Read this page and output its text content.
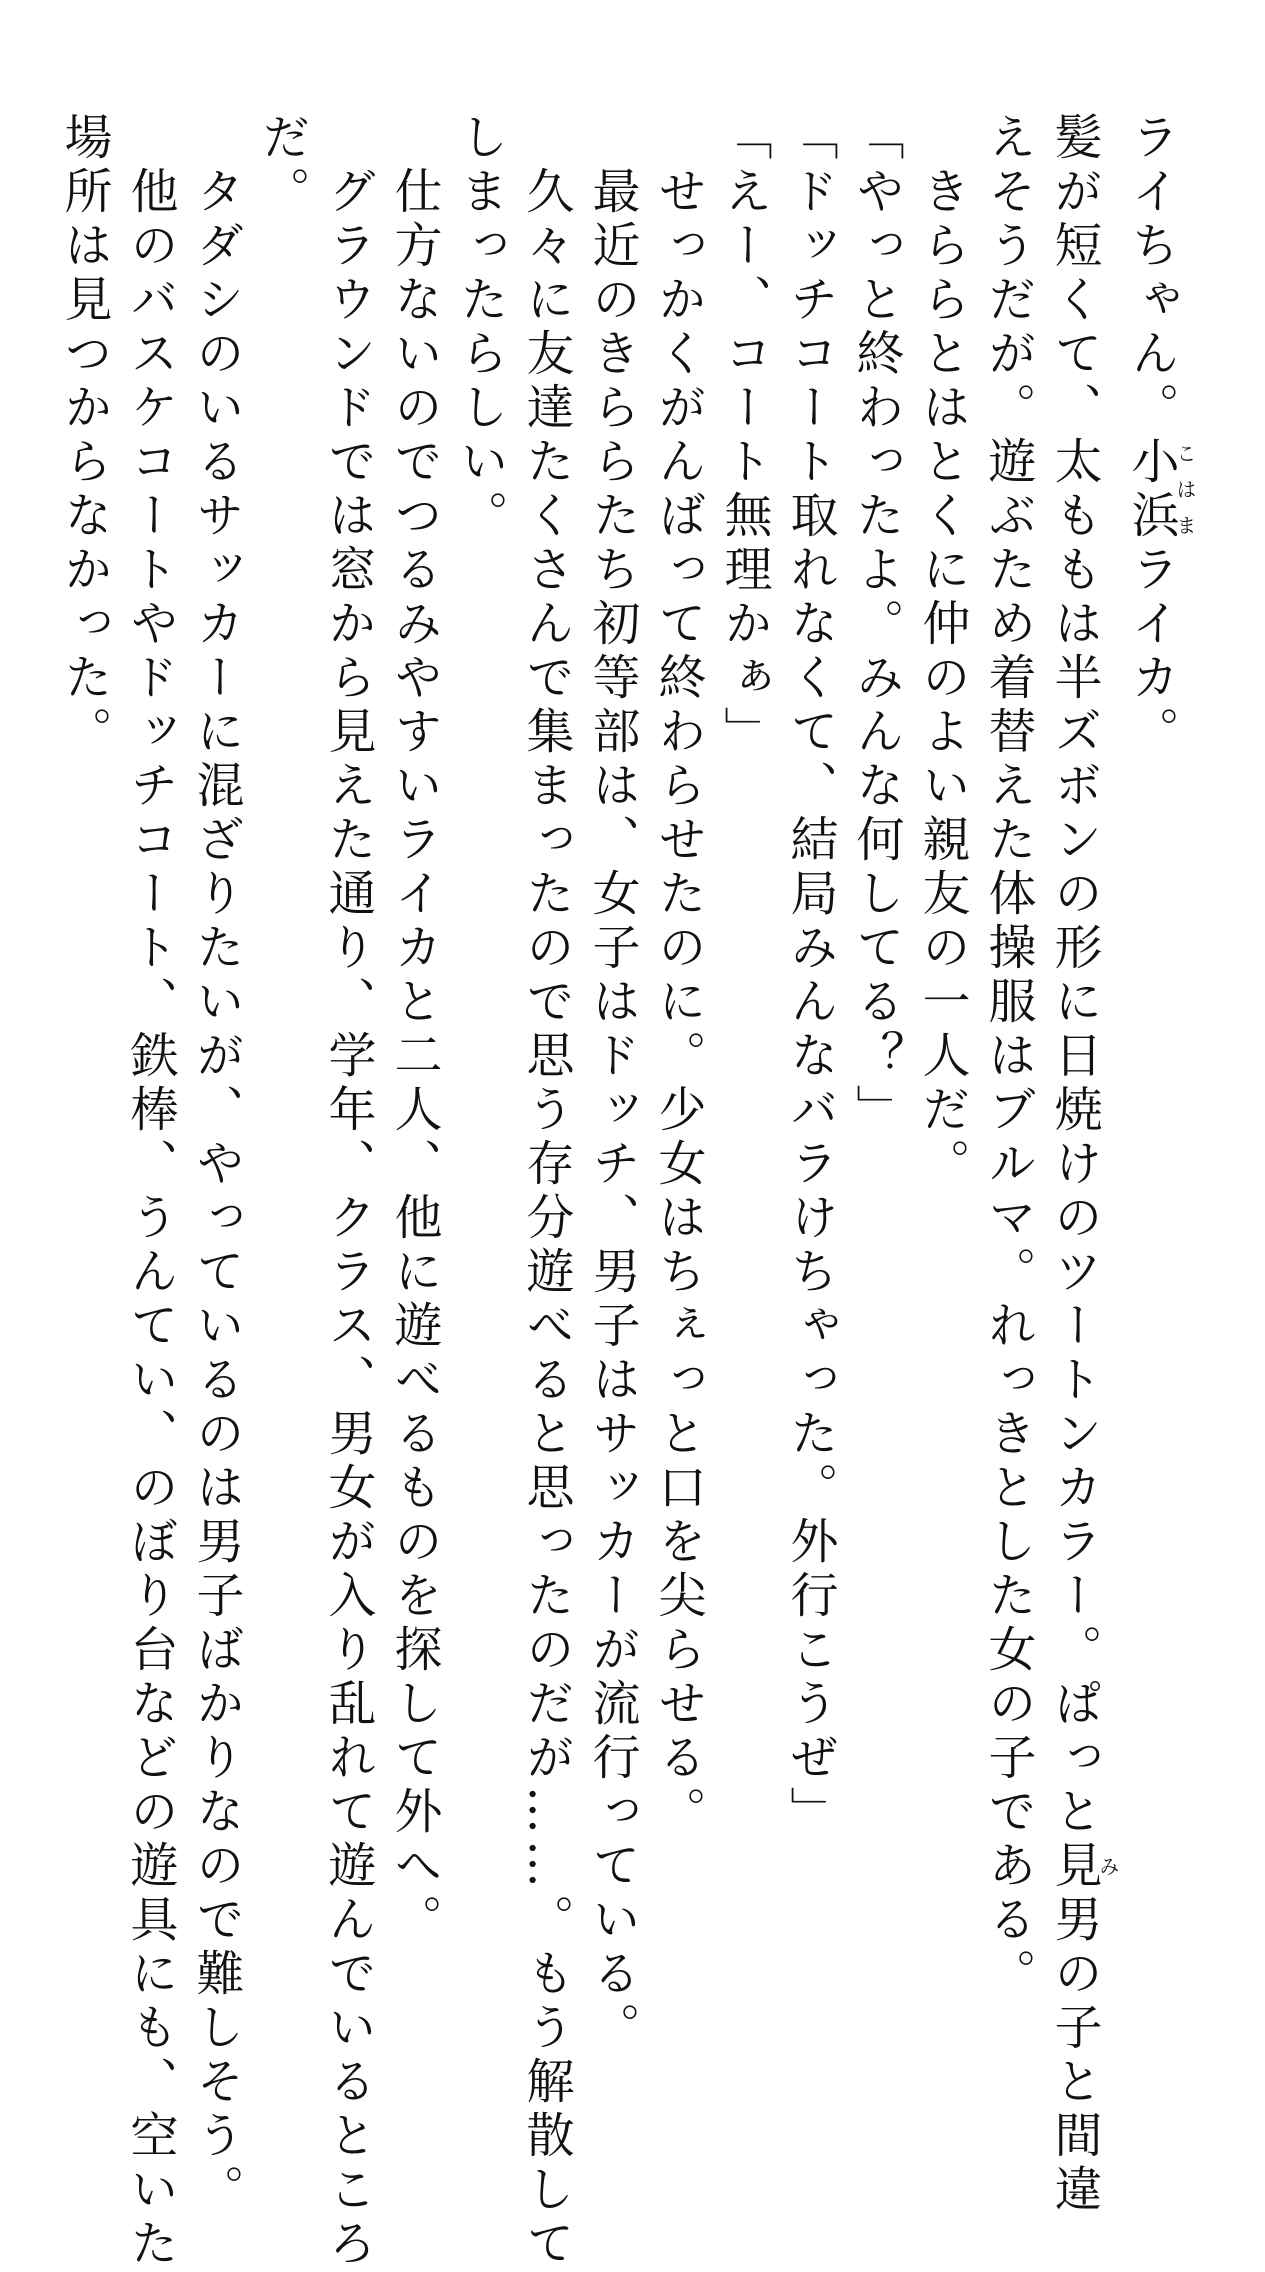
ライちゃん。小浜こはまライカ。
髪が短くて、太ももは半ズボンの形に日焼けのツートンカラー。ぱっと見み男の子と間違
えそうだが。遊ぶため着替えた体操服はブルマ。れっきとした女の子である。
　きららとはとくに仲のよい親友の一人だ。
「やっと終わったよ。みんな何してる？」
「ドッチコート取れなくて、結局みんなバラけちゃった。外行こうぜ」
「えー、コート無理かぁ」
　せっかくがんばって終わらせたのに。少女はちぇっと口を尖らせる。
　最近のきららたち初等部は、女子はドッチ、男子はサッカーが流行っている。
　久々に友達たくさんで集まったので思う存分遊べると思ったのだが……。もう解散して
しまったらしい。
　仕方ないのでつるみやすいライカと二人、他に遊べるものを探して外へ。
　グラウンドでは窓から見えた通り、学年、クラス、男女が入り乱れて遊んでいるところ
だ。
　タダシのいるサッカーに混ざりたいが、やっているのは男子ばかりなので難しそう。
　他のバスケコートやドッチコート、鉄棒、うんてい、のぼり台などの遊具にも、空いた
場所は見つからなかった。
